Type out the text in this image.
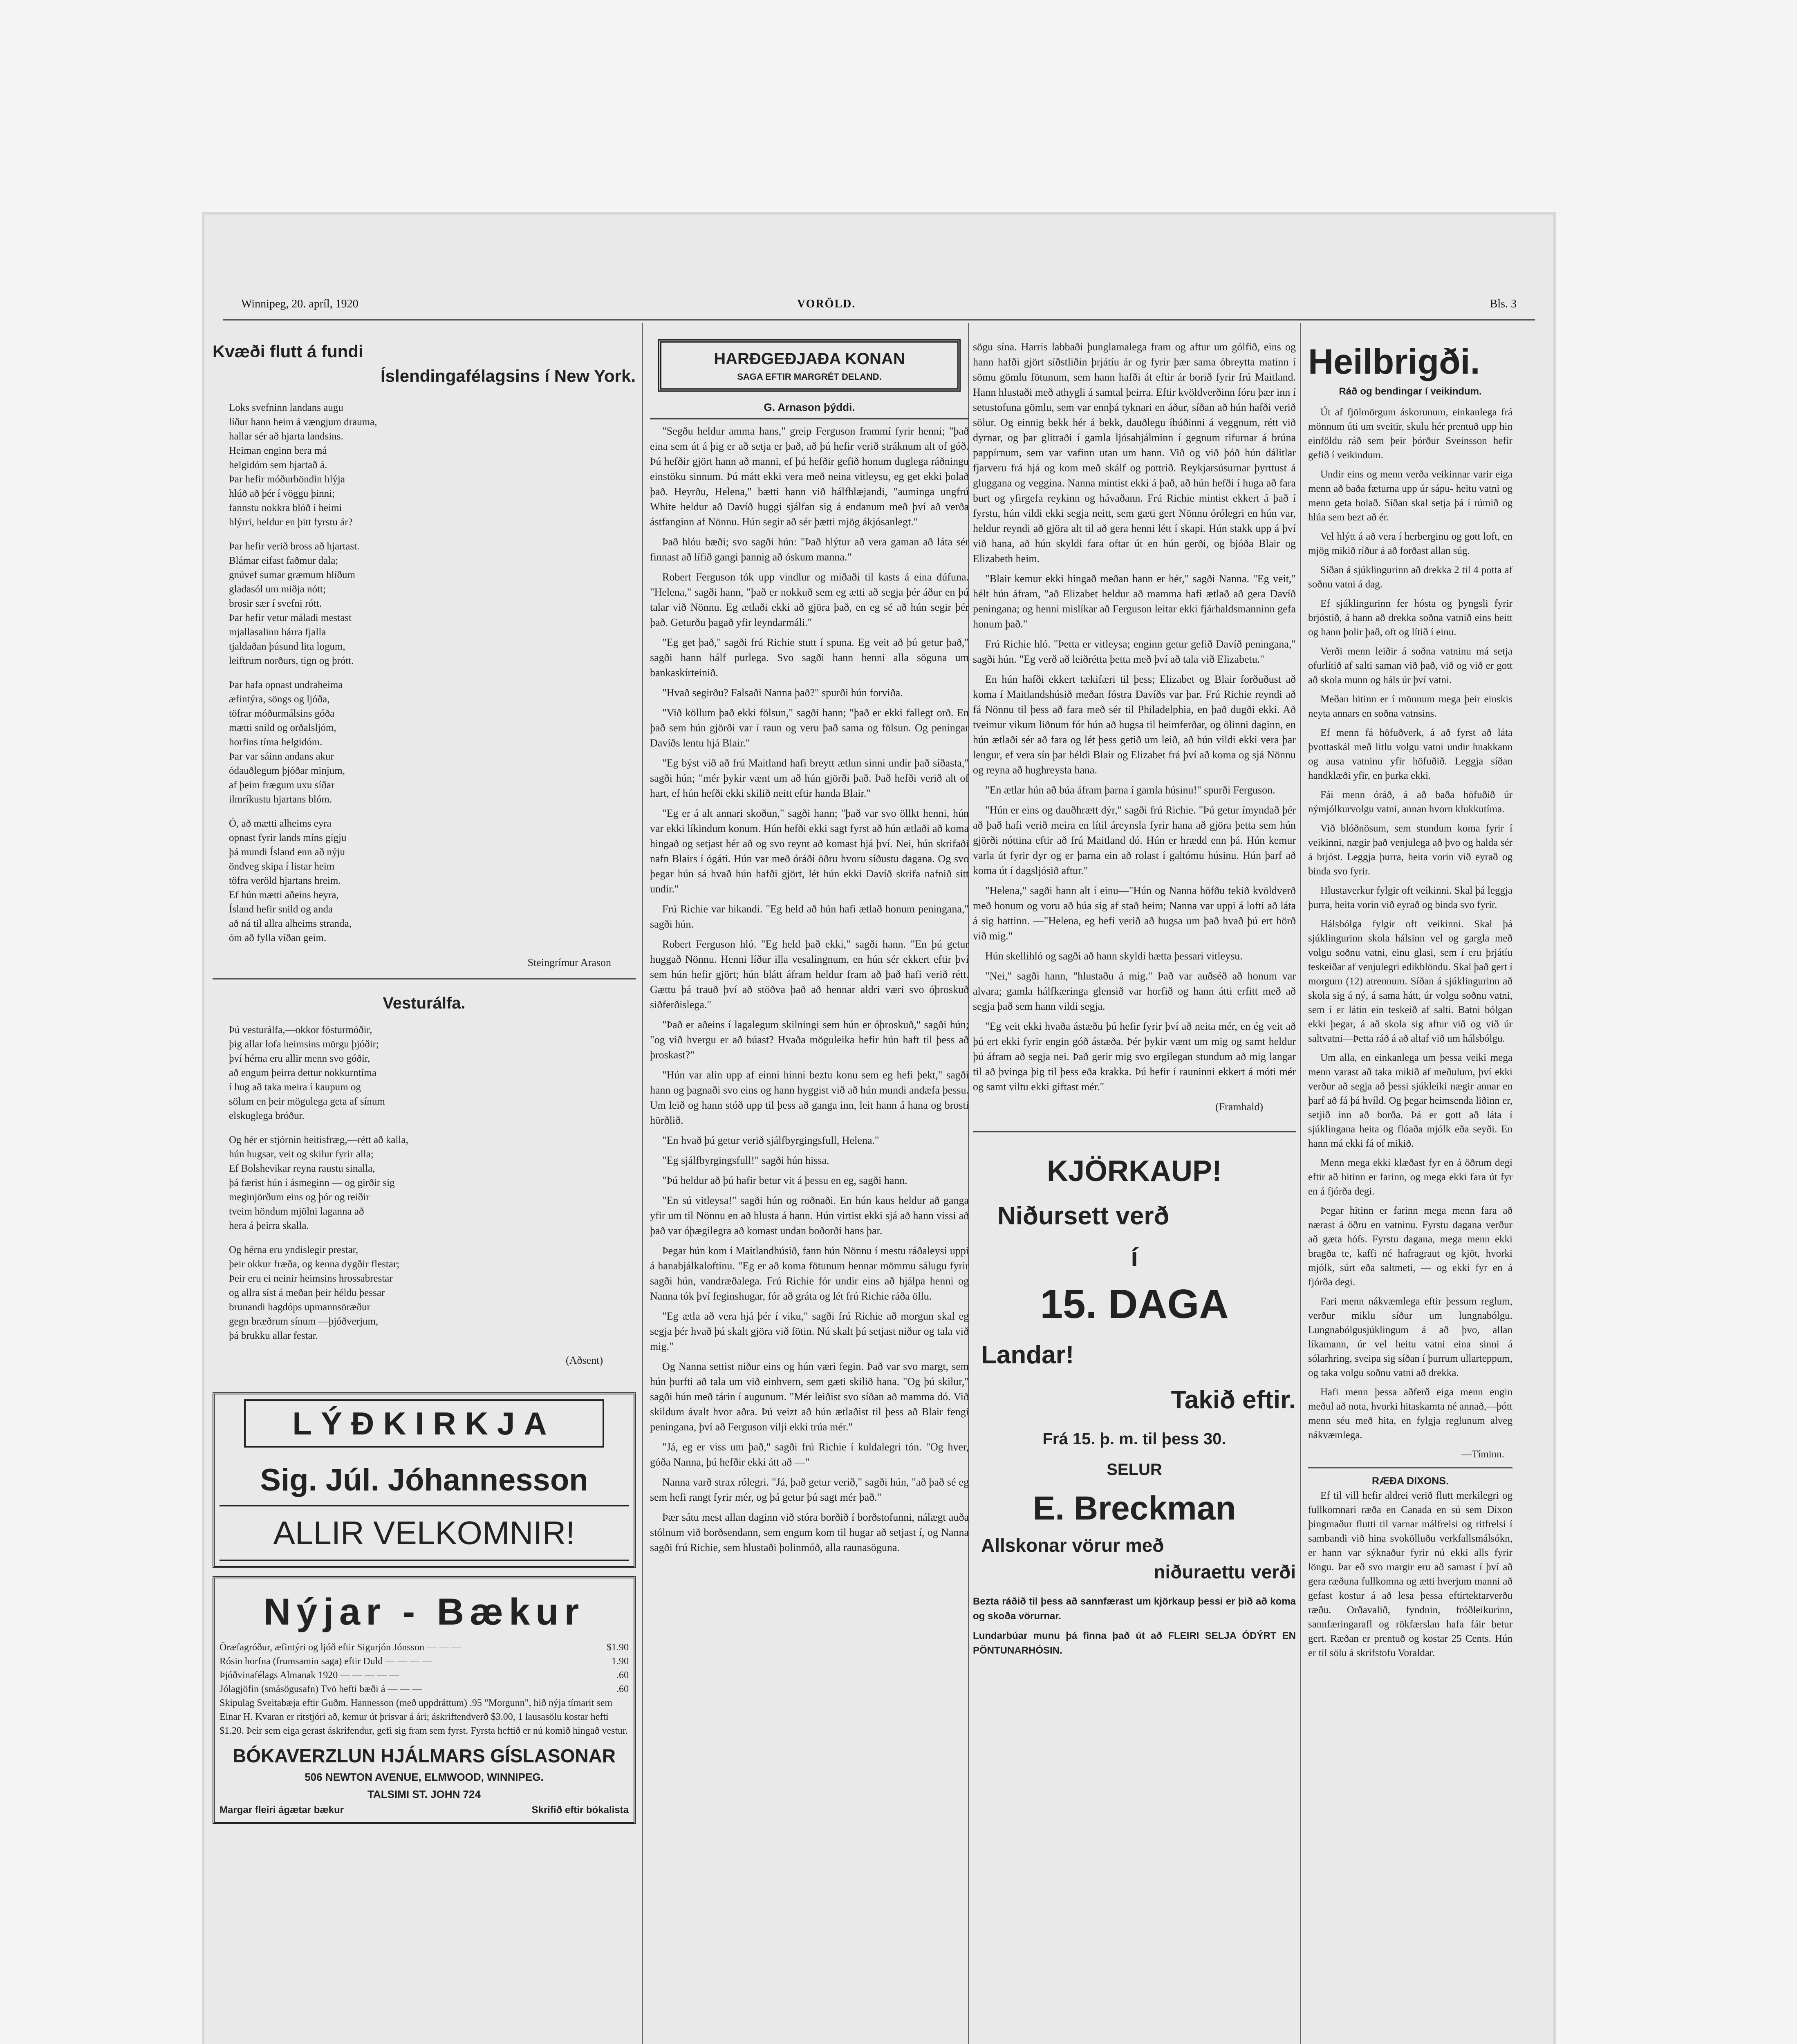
Winnipeg, 20. apríl, 1920	VORÖLD.	Bls. 3
Kvæði flutt á fundi
Íslendingafélagsins í New York.

Loks svefninn landans augu
líður hann heim á vængjum drauma,
hallar sér að hjarta landsins.
Heiman enginn bera má
helgidóm sem hjartað á.
Þar hefir móðurhöndin hlýja
hlúð að þér í vöggu þinni;
fannstu nokkra blóð í heimi
hlýrri, heldur en þitt fyrstu ár?

Þar hefir verið bross að hjartast.
Blámar eifast faðmur dala;
gnúvef sumar græmum hlíðum
gladasól um miðja nótt;
brosir sær í svefni rótt.
Þar hefir vetur máladi mestast
mjallasalinn hárra fjalla
tjaldaðan þúsund lita logum,
leiftrum norðurs, tign og þrótt.

Þar hafa opnast undraheima
æfintýra, söngs og ljóða,
töfrar móðurmálsins góða
mætti snild og orðalsljóm,
horfins tíma helgidóm.
Þar var sáinn andans akur
ódauðlegum þjóðar minjum,
af þeim frægum uxu síðar
ilmríkustu hjartans blóm.

Ó, að mætti alheims eyra
opnast fyrir lands míns gígju
þá mundi Ísland enn að nýju
öndveg skipa í listar heim
töfra veröld hjartans hreim.
Ef hún mætti aðeins heyra,
Ísland hefir snild og anda
að ná til allra alheims stranda,
óm að fylla víðan geim.

Steingrímur Arason
Vesturálfa.

Þú vesturálfa,—okkor fósturmóðir,
þig allar lofa heimsins mörgu þjóðir;
því hérna eru allir menn svo góðir,
að engum þeirra dettur nokkurntíma
í hug að taka meira í kaupum og
sölum en þeir mögulega geta af sínum
elskuglega bróður.

Og hér er stjórnin heitisfræg,—rétt að kalla,
hún hugsar, veit og skilur fyrir alla;
Ef Bolshevikar reyna raustu sinalla,
þá færist hún í ásmeginn — og girðir sig
meginjörðum eins og þór og reiðir
tveim höndum mjölni laganna að
hera á þeirra skalla.

Og hérna eru yndislegir prestar,
þeir okkur fræða, og kenna dygðir flestar;
Þeir eru ei neinir heimsins hrossabrestar
og allra síst á meðan þeir héldu þessar
brunandi hagdóps upmannsöræður
gegn bræðrum sínum —þjóðverjum,
þá brukku allar festar.

(Aðsent)
LÝÐKIRKJA
Sig. Júl. Jóhannesson
ALLIR VELKOMNIR!
Nýjar - Bækur
Öræfagróður, æfintýri og ljóð eftir Sigurjón Jónsson — — —	$1.90
Rósin horfna (frumsamin saga) eftir Duld — — — —	1.90
Þjóðvinafélags Almanak 1920 — — — — —	.60
Jólagjöfin (smásögusafn) Tvö hefti bæði á — — —	.60

Skipulag Sveitabæja eftir Guðm. Hannesson (með uppdráttum) .95 "Morgunn", hið nýja tímarit sem Einar H. Kvaran er ritstjóri að, kemur út þrisvar á ári; áskriftendverð $3.00, 1 lausasölu kostar hefti $1.20. Þeir sem eiga gerast áskrifendur, gefi sig fram sem fyrst. Fyrsta heftið er nú komið hingað vestur.

BÓKAVERZLUN HJÁLMARS GÍSLASONAR
506 NEWTON AVENUE, ELMWOOD, WINNIPEG.
TALSIMI ST. JOHN 724
Margar fleiri ágætar bækur	Skrifið eftir bókalista
HARÐGEÐJAÐA KONAN
SAGA EFTIR MARGRÉT DELAND.
G. Arnason þýddi.

"Segðu heldur amma hans," greip Ferguson frammí fyrir henni; "það eina sem út á þig er að setja er það, að þú hefir verið stráknum alt of góð. Þú hefðir gjört hann að manni, ef þú hefðir gefið honum duglega ráðningu einstöku sinnum. Þú mátt ekki vera með neina vitleysu, eg get ekki þolað það. Heyrðu, Helena," bætti hann við hálfhlæjandi, "auminga ungfrú White heldur að Davíð huggi sjálfan sig á endanum með því að verða ástfanginn af Nönnu. Hún segir að sér þætti mjög ákjósanlegt."

Það hlóu bæði; svo sagði hún: "Það hlýtur að vera gaman að láta sér finnast að lífið gangi þannig að óskum manna."

Robert Ferguson tók upp vindlur og miðaði til kasts á eina dúfuna. "Helena," sagði hann, "það er nokkuð sem eg ætti að segja þér áður en þú talar við Nönnu. Eg ætlaði ekki að gjöra það, en eg sé að hún segir þér það. Geturðu þagað yfir leyndarmáli."

"Eg get það," sagði frú Richie stutt í spuna. Eg veit að þú getur það," sagði hann hálf purlega. Svo sagði hann henni alla söguna um bankaskírteinið.

"Hvað segirðu? Falsaði Nanna það?" spurði hún forviða.

"Við köllum það ekki fölsun," sagði hann; "það er ekki fallegt orð. En það sem hún gjörði var í raun og veru það sama og fölsun. Og peningar Davíðs lentu hjá Blair."

"Eg býst við að frú Maitland hafi breytt ætlun sinni undir það síðasta," sagði hún; "mér þykir vænt um að hún gjörði það. Það hefði verið alt of hart, ef hún hefði ekki skilið neitt eftir handa Blair."

"Eg er á alt annari skoðun," sagði hann; "það var svo öllkt henni, hún var ekki líkindum konum. Hún hefði ekki sagt fyrst að hún ætlaði að koma hingað og setjast hér að og svo reynt að komast hjá því. Nei, hún skrifaði nafn Blairs í ógáti. Hún var með óráði öðru hvoru síðustu dagana. Og svo þegar hún sá hvað hún hafði gjört, lét hún ekki Davíð skrifa nafnið sitt undir."

Frú Richie var hikandi. "Eg held að hún hafi ætlað honum peningana," sagði hún.

Robert Ferguson hló. "Eg held það ekki," sagði hann. "En þú getur huggað Nönnu. Henni líður illa vesalingnum, en hún sér ekkert eftir því sem hún hefir gjört; hún blátt áfram heldur fram að það hafi verið rétt. Gættu þá trauð því að stöðva það að hennar aldri væri svo óþroskuð siðferðislega."

"Það er aðeins í lagalegum skilningi sem hún er óþroskuð," sagði hún; "og við hvergu er að búast? Hvaða möguleika hefir hún haft til þess að þroskast?"

"Hún var alin upp af einni hinni beztu konu sem eg hefi þekt," sagði hann og þagnaði svo eins og hann hyggist við að hún mundi andæfa þessu. Um leið og hann stóð upp til þess að ganga inn, leit hann á hana og brosti hörðlið.

"En hvað þú getur verið sjálfbyrgingsfull, Helena."

"Eg sjálfbyrgingsfull!" sagði hún hissa.

"Þú heldur að þú hafir betur vit á þessu en eg, sagði hann.

"En sú vitleysa!" sagði hún og roðnaði. En hún kaus heldur að ganga yfir um til Nönnu en að hlusta á hann. Hún virtist ekki sjá að hann vissi að það var óþægilegra að komast undan boðorði hans þar.

Þegar hún kom í Maitlandhúsið, fann hún Nönnu í mestu ráðaleysi uppi á hanabjálkaloftinu. "Eg er að koma fötunum hennar mömmu sálugu fyrir sagði hún, vandræðalega. Frú Richie fór undir eins að hjálpa henni og Nanna tók því feginshugar, fór að gráta og lét frú Richie ráða öllu.

"Eg ætla að vera hjá þér í viku," sagði frú Richie að morgun skal eg segja þér hvað þú skalt gjöra við fötin. Nú skalt þú setjast niður og tala við mig."

Og Nanna settist niður eins og hún væri fegin. Það var svo margt, sem hún þurfti að tala um við einhvern, sem gæti skilið hana. "Og þú skilur," sagði hún með tárin í augunum. "Mér leiðist svo síðan að mamma dó. Við skildum ávalt hvor aðra. Þú veizt að hún ætlaðist til þess að Blair fengi peningana, því að Ferguson vilji ekki trúa mér."

"Já, eg er viss um það," sagði frú Richie í kuldalegri tón. "Og hver, góða Nanna, þú hefðir ekki átt að —"

Nanna varð strax rólegri. "Já, það getur verið," sagði hún, "að það sé eg sem hefi rangt fyrir mér, og þá getur þú sagt mér það."

Þær sátu mest allan daginn við stóra borðið í borðstofunni, nálægt auða stólnum við borðsendann, sem engum kom til hugar að setjast í, og Nanna sagði frú Richie, sem hlustaði þolinmóð, alla raunasöguna.

sögu sína. Harris labbaði þunglamalega fram og aftur um gólfið, eins og hann hafði gjört síðstliðin þrjátíu ár og fyrir þær sama óbreytta matinn í sömu gömlu fötunum, sem hann hafði át eftir ár borið fyrir frú Maitland. Hann hlustaði með athygli á samtal þeirra. Eftir kvöldverðinn fóru þær inn í setustofuna gömlu, sem var ennþá tyknari en áður, síðan að hún hafði verið sölur. Og einnig bekk hér á bekk, dauðlegu íbúðinni á veggnum, rétt við dyrnar, og þar glitraði í gamla ljósahjálminn í gegnum rifurnar á brúna pappírnum, sem var vafinn utan um hann. Við og við þóð hún dálitlar fjarveru frá hjá og kom með skálf og pottrið. Reykjarsúsurnar þyrttust á gluggana og veggina. Nanna mintist ekki á það, að hún hefði í huga að fara burt og yfirgefa reykinn og hávaðann. Frú Richie mintist ekkert á það í fyrstu, hún vildi ekki segja neitt, sem gæti gert Nönnu órólegri en hún var, heldur reyndi að gjöra alt til að gera henni létt í skapi. Hún stakk upp á því við hana, að hún skyldi fara oftar út en hún gerði, og bjóða Blair og Elizabeth heim.

"Blair kemur ekki hingað meðan hann er hér," sagði Nanna. "Eg veit," hélt hún áfram, "að Elizabet heldur að mamma hafi ætlað að gera Davíð peningana; og henni mislíkar að Ferguson leitar ekki fjárhaldsmanninn gefa honum það."

Frú Richie hló. "Þetta er vitleysa; enginn getur gefið Davíð peningana," sagði hún. "Eg verð að leiðrétta þetta með því að tala við Elizabetu."

En hún hafði ekkert tækifæri til þess; Elizabet og Blair forðuðust að koma í Maitlandshúsið meðan fóstra Davíðs var þar. Frú Richie reyndi að fá Nönnu til þess að fara með sér til Philadelphia, en það dugði ekki. Að tveimur vikum liðnum fór hún að hugsa til heimferðar, og ölinni daginn, en hún ætlaði sér að fara og lét þess getið um leið, að hún vildi ekki vera þar lengur, ef vera sín þar héldi Blair og Elizabet frá því að koma og sjá Nönnu og reyna að hughreysta hana.

"En ætlar hún að búa áfram þarna í gamla húsinu!" spurði Ferguson.

"Hún er eins og dauðhrætt dýr," sagði frú Richie. "Þú getur ímyndað þér að það hafi verið meira en lítil áreynsla fyrir hana að gjöra þetta sem hún gjörði nóttina eftir að frú Maitland dó. Hún er hrædd enn þá. Hún kemur varla út fyrir dyr og er þarna ein að rolast í galtómu húsinu. Hún þarf að koma út í dagsljósið aftur."

"Helena," sagði hann alt í einu—"Hún og Nanna höfðu tekið kvöldverð með honum og voru að búa sig af stað heim; Nanna var uppi á lofti að láta á sig hattinn. —"Helena, eg hefi verið að hugsa um það hvað þú ert hörð við mig."

Hún skellihló og sagði að hann skyldi hætta þessari vitleysu.

"Nei," sagði hann, "hlustaðu á mig." Það var auðséð að honum var alvara; gamla hálfkæringa glensið var horfið og hann átti erfitt með að segja það sem hann vildi segja.

"Eg veit ekki hvaða ástæðu þú hefir fyrir því að neita mér, en ég veit að þú ert ekki fyrir engin góð ástæða. Þér þykir vænt um mig og samt heldur þú áfram að segja nei. Það gerir mig svo ergilegan stundum að mig langar til að þvinga þig til þess eða krakka. Þú hefir í rauninni ekkert á móti mér og samt viltu ekki giftast mér."

(Framhald)
KJÖRKAUP!
Niðursett verð
í
15. DAGA
Landar!
Takið eftir.
Frá 15. þ. m. til þess 30.
SELUR
E. Breckman
Allskonar vörur með
niðuraettu verði

Bezta ráðið til þess að sannfærast um kjörkaup þessi er þið að koma og skoða vörurnar.

Lundarbúar munu þá finna það út að FLEIRI SELJA ÓDÝRT EN PÖNTUNARHÓSIN.

Heilbrigði.
Ráð og bendingar í veikindum.

Út af fjölmörgum áskorunum, einkanlega frá mönnum úti um sveitir, skulu hér prentuð upp hin einföldu ráð sem þeir þórður Sveinsson hefir gefið í veikindum.

Undir eins og menn verða veikinnar varir eiga menn að baða fæturna upp úr sápu- heitu vatni og menn geta bolað. Síðan skal setja þá í rúmið og hlúa sem bezt að ér.

Vel hlýtt á að vera í herberginu og gott loft, en mjög mikið ríður á að forðast allan súg.

Síðan á sjúklingurinn að drekka 2 til 4 potta af soðnu vatni á dag.

Ef sjúklingurinn fer hósta og þyngsli fyrir brjóstið, á hann að drekka soðna vatnið eins heitt og hann þolir það, oft og lítið í einu.

Verði menn leiðir á soðna vatninu má setja ofurlítið af salti saman við það, við og við er gott að skola munn og háls úr því vatni.

Meðan hitinn er í mönnum mega þeir einskis neyta annars en soðna vatnsins.

Ef menn fá höfuðverk, á að fyrst að láta þvottaskál með litlu volgu vatni undir hnakkann og ausa vatninu yfir höfuðið. Leggja síðan handklæði yfir, en þurka ekki.

Fái menn óráð, á að baða höfuðið úr nýmjólkurvolgu vatni, annan hvorn klukkutíma.

Við blóðnösum, sem stundum koma fyrir í veikinni, nægir það venjulega að þvo og halda sér á brjóst. Leggja þurra, heita vorin við eyrað og binda svo fyrir.

Hlustaverkur fylgir oft veikinni. Skal þá leggja þurra, heita vorin við eyrað og binda svo fyrir.

Hálsbólga fylgir oft veikinni. Skal þá sjúklingurinn skola hálsinn vel og gargla með volgu soðnu vatni, einu glasi, sem í eru þrjátíu teskeiðar af venjulegri edikblöndu. Skal það gert í morgum (12) atrennum. Síðan á sjúklingurinn að skola sig á ný, á sama hátt, úr volgu soðnu vatni, sem í er látin ein teskeið af salti. Batni bólgan ekki þegar, á að skola sig aftur við og við úr saltvatni—Þetta ráð á að altaf við um hálsbólgu.

Um alla, en einkanlega um þessa veiki mega menn varast að taka mikið af meðulum, því ekki verður að segja að þessi sjúkleiki nægir annar en þarf að fá þá hvíld. Og þegar heimsenda liðinn er, setjið inn að borða. Þá er gott að láta í sjúklingana heita og flóaða mjólk eða seyði. En hann má ekki fá of mikið.

Menn mega ekki klæðast fyr en á öðrum degi eftir að hitinn er farinn, og mega ekki fara út fyr en á fjórða degi.

Þegar hitinn er farinn mega menn fara að nærast á öðru en vatninu. Fyrstu dagana verður að gæta hófs. Fyrstu dagana, mega menn ekki bragða te, kaffi né hafragraut og kjöt, hvorki mjólk, súrt eða saltmeti, — og ekki fyr en á fjórða degi.

Fari menn nákvæmlega eftir þessum reglum, verður miklu síður um lungnabólgu. Lungnabólgusjúklingum á að þvo, allan líkamann, úr vel heitu vatni eina sinni á sólarhring, sveipa sig síðan í þurrum ullarteppum, og taka volgu soðnu vatni að drekka.

Hafi menn þessa aðferð eiga menn engin meðul að nota, hvorki hitaskamta né annað,—þótt menn séu með hita, en fylgja reglunum alveg nákvæmlega.

—Tíminn.
RÆÐA DIXONS.

Ef til vill hefir aldrei verið flutt merkilegri og fullkomnari ræða en Canada en sú sem Dixon þingmaður flutti til varnar málfrelsi og ritfrelsi í sambandi við hina svokölluðu verkfallsmálsókn, er hann var sýknaður fyrir nú ekki alls fyrir löngu. Þar eð svo margir eru að samast í því að gera ræðuna fullkomna og ætti hverjum manni að gefast kostur á að lesa þessa eftirtektarverðu ræðu. Orðavalið, fyndnin, fróðleikurinn, sannfæringarafl og rökfærslan hafa fáir betur gert. Ræðan er prentuð og kostar 25 Cents. Hún er til sölu á skrifstofu Voraldar.
